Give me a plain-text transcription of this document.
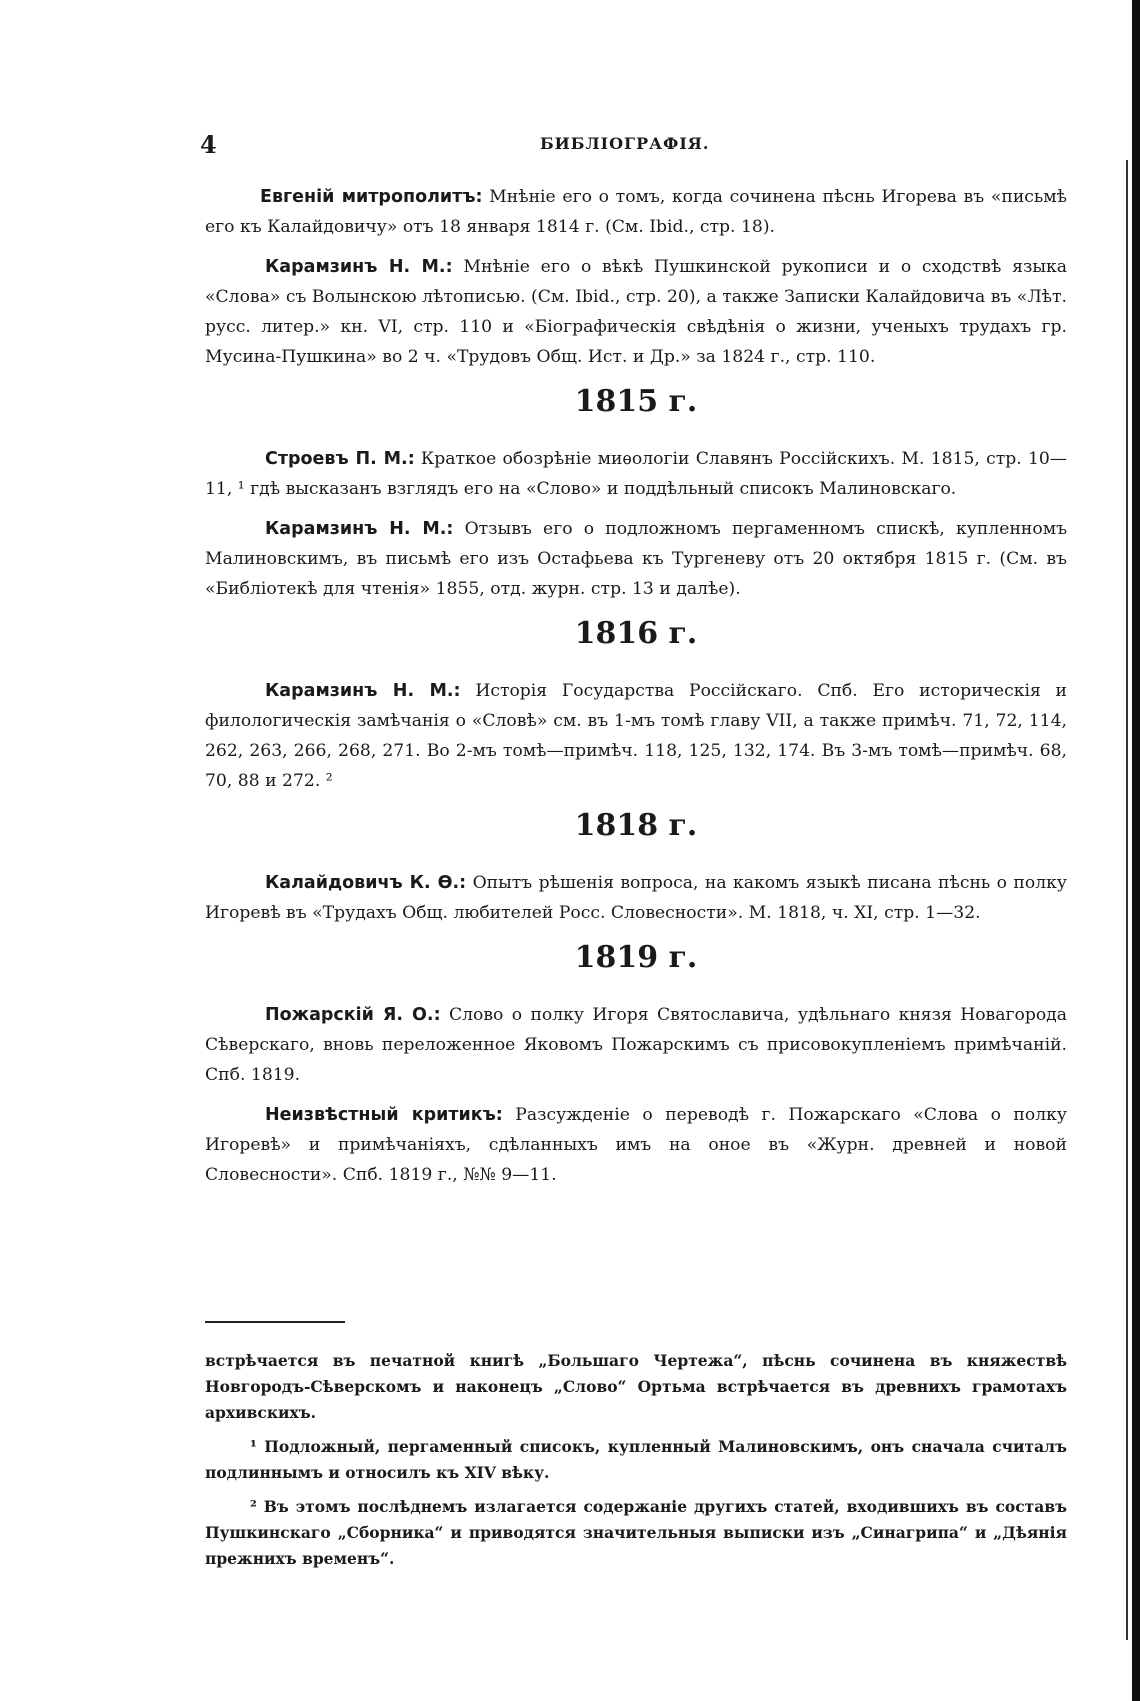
4	БИБЛІОГРАФІЯ.

Евгеній митрополитъ: Мнѣніе его о томъ, когда сочинена пѣснь Игорева въ «письмѣ его къ Калайдовичу» отъ 18 января 1814 г. (См. Ibid., стр. 18).

Карамзинъ Н. М.: Мнѣніе его о вѣкѣ Пушкинской рукописи и о сходствѣ языка «Слова» съ Волынскою лѣтописью. (См. Ibid., стр. 20), а также Записки Калайдовича въ «Лѣт. русс. литер.» кн. VI, стр. 110 и «Біографическія свѣдѣнія о жизни, ученыхъ трудахъ гр. Мусина-Пушкина» во 2 ч. «Трудовъ Общ. Ист. и Др.» за 1824 г., стр. 110.

1815 г.

Строевъ П. М.: Краткое обозрѣніе миѳологіи Славянъ Россійскихъ. М. 1815, стр. 10—11, ¹ гдѣ высказанъ взглядъ его на «Слово» и поддѣльный списокъ Малиновскаго.

Карамзинъ Н. М.: Отзывъ его о подложномъ пергаменномъ спискѣ, купленномъ Малиновскимъ, въ письмѣ его изъ Остафьева къ Тургеневу отъ 20 октября 1815 г. (См. въ «Библіотекѣ для чтенія» 1855, отд. журн. стр. 13 и далѣе).

1816 г.

Карамзинъ Н. М.: Исторія Государства Россійскаго. Спб. Его историческія и филологическія замѣчанія о «Словѣ» см. въ 1-мъ томѣ главу VII, а также примѣч. 71, 72, 114, 262, 263, 266, 268, 271. Во 2-мъ томѣ—примѣч. 118, 125, 132, 174. Въ 3-мъ томѣ—примѣч. 68, 70, 88 и 272. ²

1818 г.

Калайдовичъ К. Ѳ.: Опытъ рѣшенія вопроса, на какомъ языкѣ писана пѣснь о полку Игоревѣ въ «Трудахъ Общ. любителей Росс. Словесности». М. 1818, ч. XI, стр. 1—32.

1819 г.

Пожарскій Я. О.: Слово о полку Игоря Святославича, удѣльнаго князя Новагорода Сѣверскаго, вновь переложенное Яковомъ Пожарскимъ съ присовокупленіемъ примѣчаній. Спб. 1819.

Неизвѣстный критикъ: Разсужденіе о переводѣ г. Пожарскаго «Слова о полку Игоревѣ» и примѣчаніяхъ, сдѣланныхъ имъ на оное въ «Журн. древней и новой Словесности». Спб. 1819 г., №№ 9—11.

встрѣчается въ печатной книгѣ „Большаго Чертежа“, пѣснь сочинена въ княжествѣ Новгородъ-Сѣверскомъ и наконецъ „Слово“ Ортьма встрѣчается въ древнихъ грамотахъ архивскихъ.

¹ Подложный, пергаменный списокъ, купленный Малиновскимъ, онъ сначала считалъ подлиннымъ и относилъ къ XIV вѣку.

² Въ этомъ послѣднемъ излагается содержаніе другихъ статей, входившихъ въ составъ Пушкинскаго „Сборника“ и приводятся значительныя выписки изъ „Синагрипа“ и „Дѣянія прежнихъ временъ“.
